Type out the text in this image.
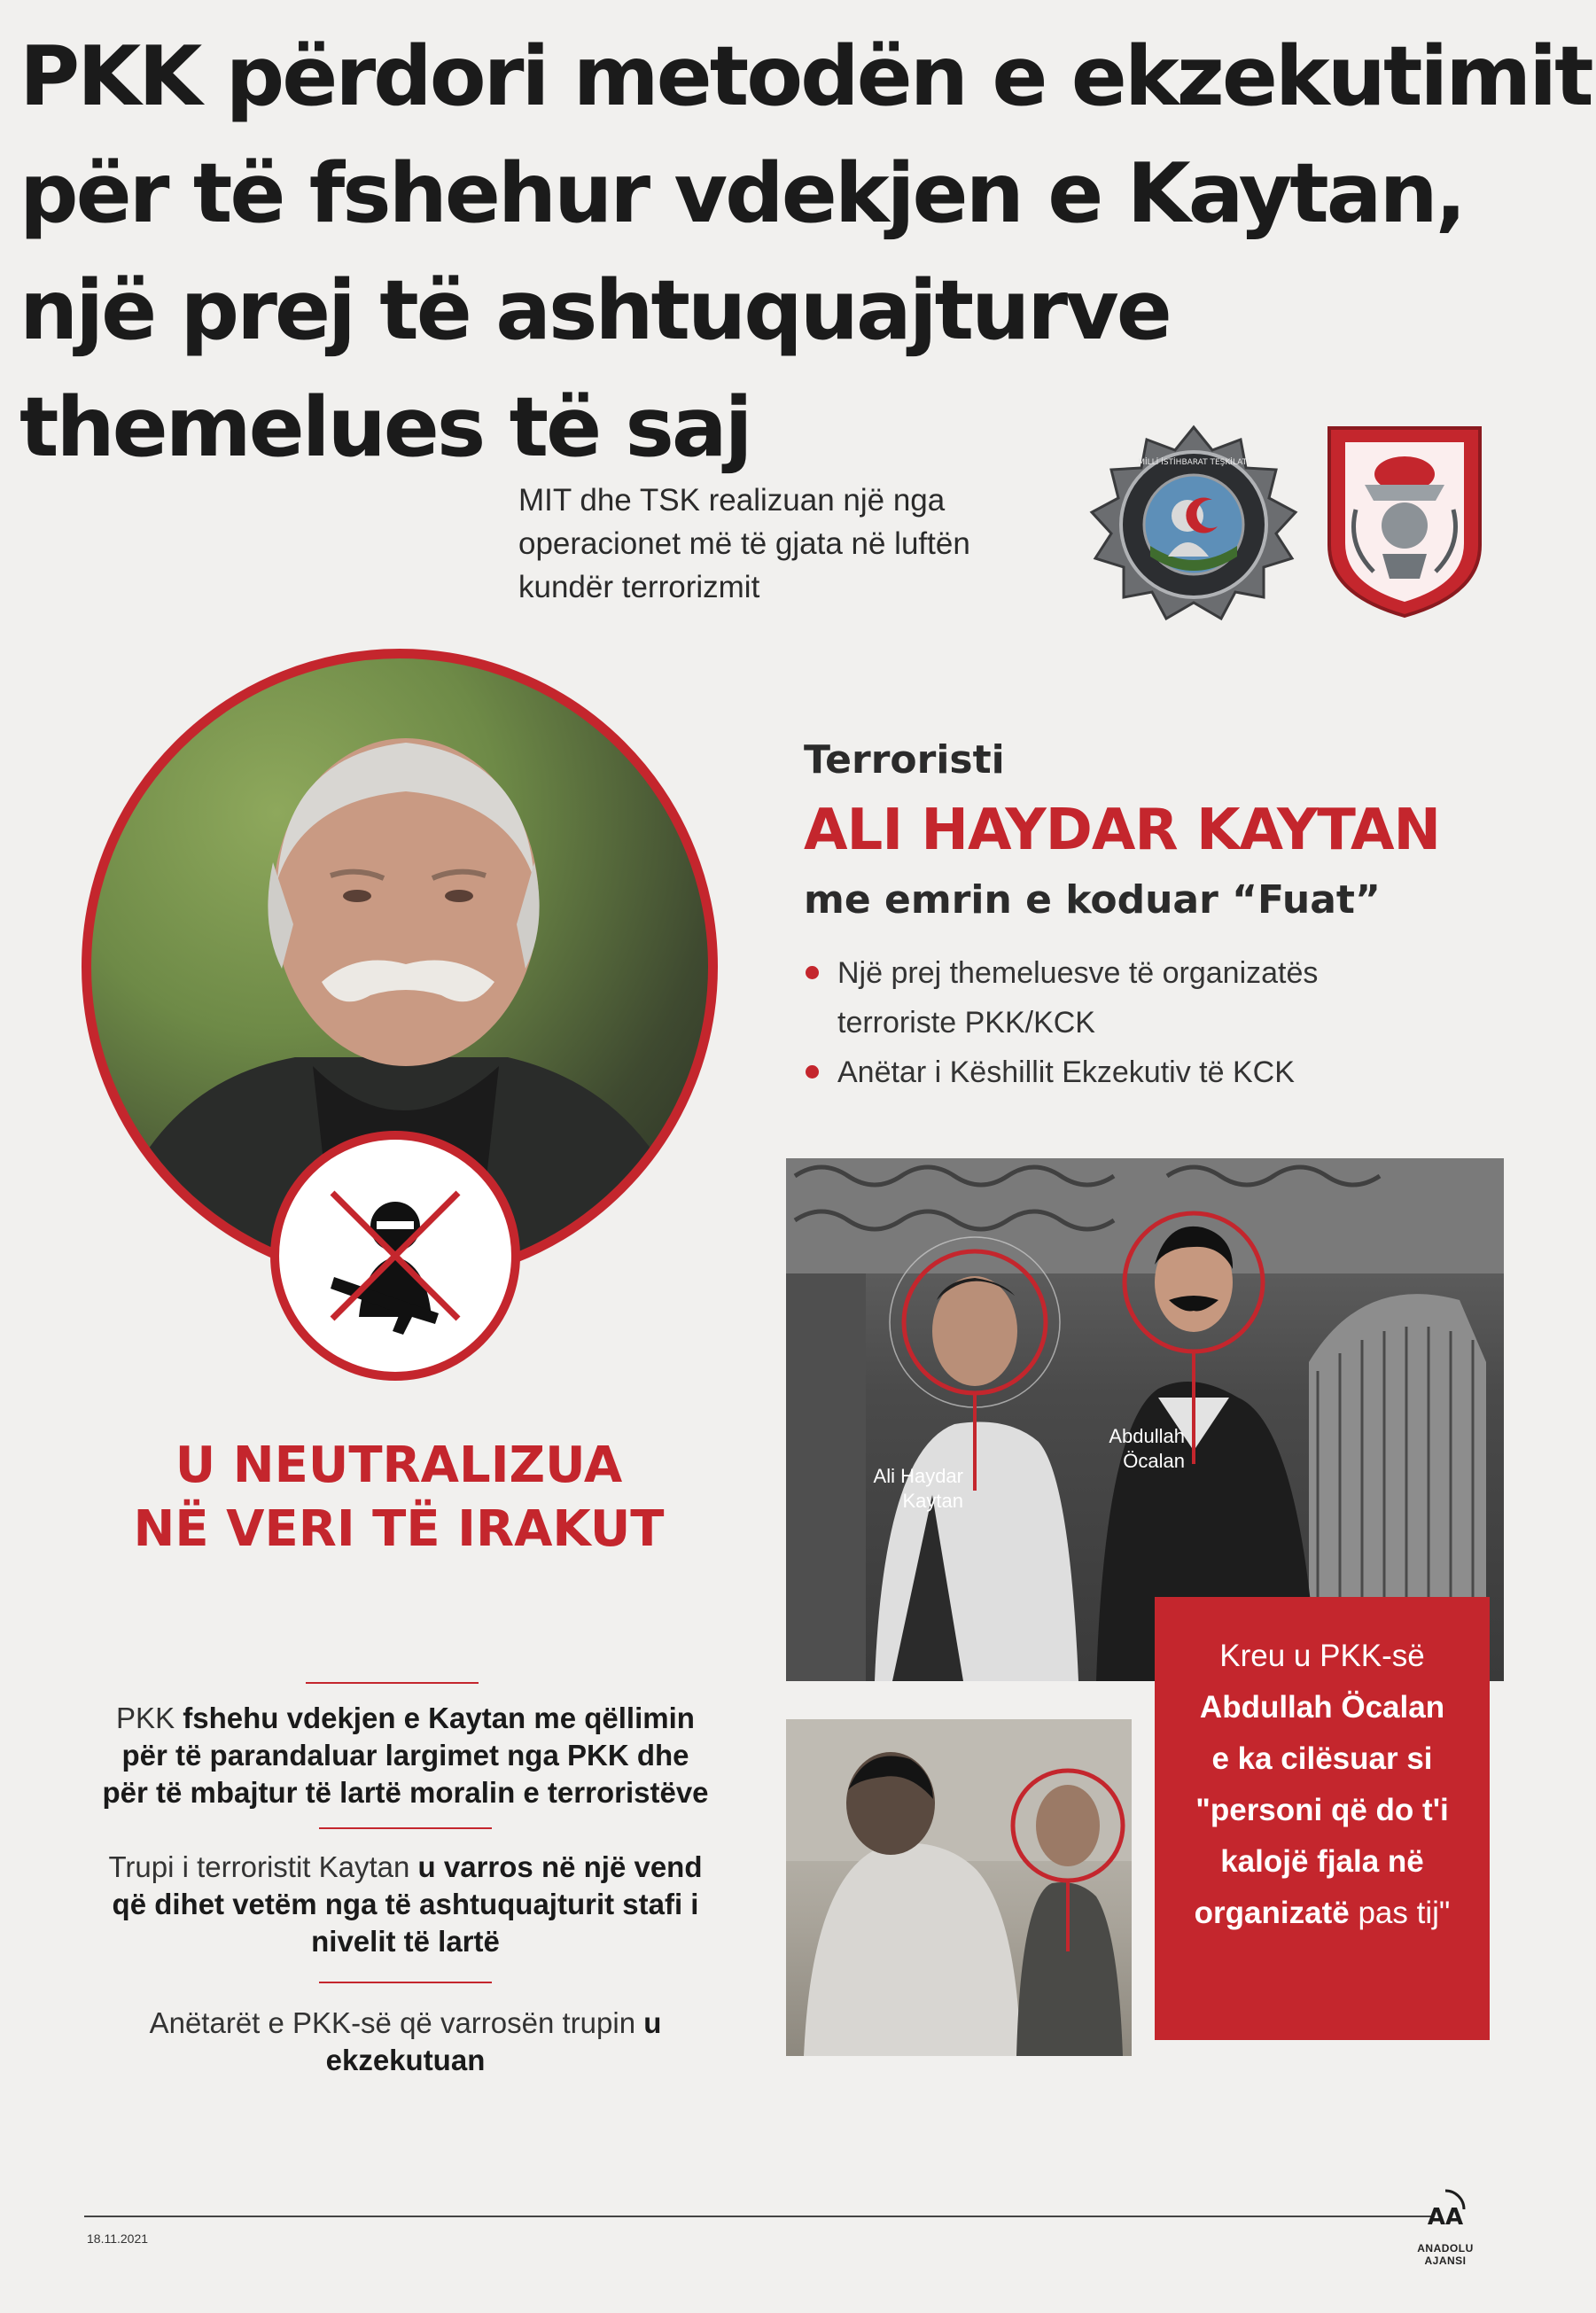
PKK përdori metodën e ekzekutimit
për të fshehur vdekjen e Kaytan,
një prej të ashtuquajturve
themelues të saj
MIT dhe TSK realizuan një nga
operacionet më të gjata në luftën
kundër terrorizmit
MİLLİ İSTİHBARAT TEŞKİLATI
U NEUTRALIZUA
NË VERI TË IRAKUT

PKK fshehu vdekjen e Kaytan me qëllimin për të parandaluar largimet nga PKK dhe për të mbajtur të lartë moralin e terroristëve

Trupi i terroristit Kaytan u varros në një vend që dihet vetëm nga të ashtuquajturit stafi i nivelit të lartë

Anëtarët e PKK-së që varrosën trupin u ekzekutuan

Terroristi
ALI HAYDAR KAYTAN
me emrin e koduar “Fuat”
Një prej themeluesve të organizatës terroriste PKK/KCK
Anëtar i Këshillit Ekzekutiv të KCK
Ali Haydar
Kaytan
Abdullah
Öcalan
Kreu u PKK-së
Abdullah Öcalan
e ka cilësuar si "personi që do t'i kalojë fjala në organizatë pas tij"
18.11.2021
AA
ANADOLU AJANSI
